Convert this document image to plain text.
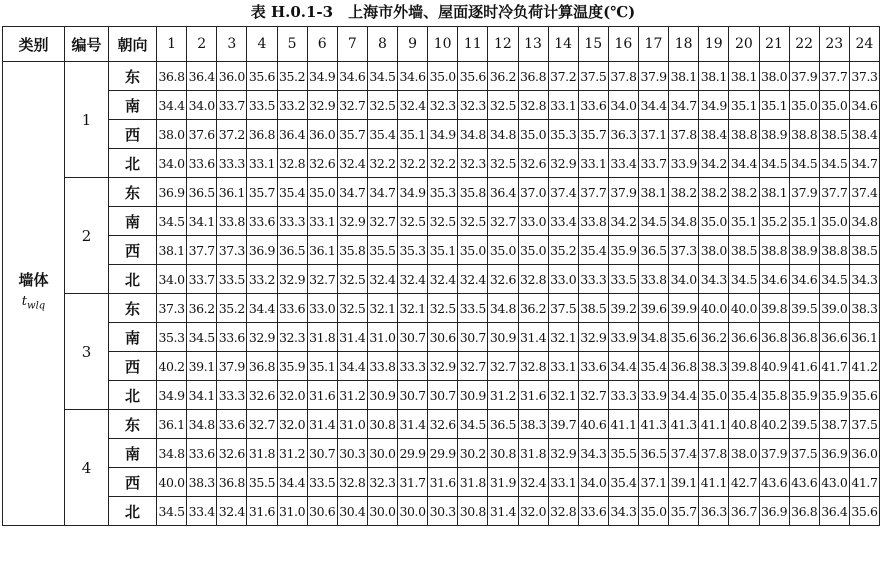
表 H.0.1-3　上海市外墙、屋面逐时冷负荷计算温度(℃)
类别	编号	朝向	1	2	3	4	5	6	7	8	9	10	11	12	13	14	15	16	17	18	19	20	21	22	23	24
墙体

$t_{wlq}$	1	东	36.8	36.4	36.0	35.6	35.2	34.9	34.6	34.5	34.6	35.0	35.6	36.2	36.8	37.2	37.5	37.8	37.9	38.1	38.1	38.1	38.0	37.9	37.7	37.3
		南	34.4	34.0	33.7	33.5	33.2	32.9	32.7	32.5	32.4	32.3	32.3	32.5	32.8	33.1	33.6	34.0	34.4	34.7	34.9	35.1	35.1	35.0	35.0	34.6
		西	38.0	37.6	37.2	36.8	36.4	36.0	35.7	35.4	35.1	34.9	34.8	34.8	35.0	35.3	35.7	36.3	37.1	37.8	38.4	38.8	38.9	38.8	38.5	38.4
		北	34.0	33.6	33.3	33.1	32.8	32.6	32.4	32.2	32.2	32.2	32.3	32.5	32.6	32.9	33.1	33.4	33.7	33.9	34.2	34.4	34.5	34.5	34.5	34.7
	2	东	36.9	36.5	36.1	35.7	35.4	35.0	34.7	34.7	34.9	35.3	35.8	36.4	37.0	37.4	37.7	37.9	38.1	38.2	38.2	38.2	38.1	37.9	37.7	37.4
		南	34.5	34.1	33.8	33.6	33.3	33.1	32.9	32.7	32.5	32.5	32.5	32.7	33.0	33.4	33.8	34.2	34.5	34.8	35.0	35.1	35.2	35.1	35.0	34.8
		西	38.1	37.7	37.3	36.9	36.5	36.1	35.8	35.5	35.3	35.1	35.0	35.0	35.0	35.2	35.4	35.9	36.5	37.3	38.0	38.5	38.8	38.9	38.8	38.5
		北	34.0	33.7	33.5	33.2	32.9	32.7	32.5	32.4	32.4	32.4	32.4	32.6	32.8	33.0	33.3	33.5	33.8	34.0	34.3	34.5	34.6	34.6	34.5	34.3
	3	东	37.3	36.2	35.2	34.4	33.6	33.0	32.5	32.1	32.1	32.5	33.5	34.8	36.2	37.5	38.5	39.2	39.6	39.9	40.0	40.0	39.8	39.5	39.0	38.3
		南	35.3	34.5	33.6	32.9	32.3	31.8	31.4	31.0	30.7	30.6	30.7	30.9	31.4	32.1	32.9	33.9	34.8	35.6	36.2	36.6	36.8	36.8	36.6	36.1
		西	40.2	39.1	37.9	36.8	35.9	35.1	34.4	33.8	33.3	32.9	32.7	32.7	32.8	33.1	33.6	34.4	35.4	36.8	38.3	39.8	40.9	41.6	41.7	41.2
		北	34.9	34.1	33.3	32.6	32.0	31.6	31.2	30.9	30.7	30.7	30.9	31.2	31.6	32.1	32.7	33.3	33.9	34.4	35.0	35.4	35.8	35.9	35.9	35.6
	4	东	36.1	34.8	33.6	32.7	32.0	31.4	31.0	30.8	31.4	32.6	34.5	36.5	38.3	39.7	40.6	41.1	41.3	41.3	41.1	40.8	40.2	39.5	38.7	37.5
		南	34.8	33.6	32.6	31.8	31.2	30.7	30.3	30.0	29.9	29.9	30.2	30.8	31.8	32.9	34.3	35.5	36.5	37.4	37.8	38.0	37.9	37.5	36.9	36.0
		西	40.0	38.3	36.8	35.5	34.4	33.5	32.8	32.3	31.7	31.6	31.8	31.9	32.4	33.1	34.0	35.4	37.1	39.1	41.1	42.7	43.6	43.6	43.0	41.7
		北	34.5	33.4	32.4	31.6	31.0	30.6	30.4	30.0	30.0	30.3	30.8	31.4	32.0	32.8	33.6	34.3	35.0	35.7	36.3	36.7	36.9	36.8	36.4	35.6
